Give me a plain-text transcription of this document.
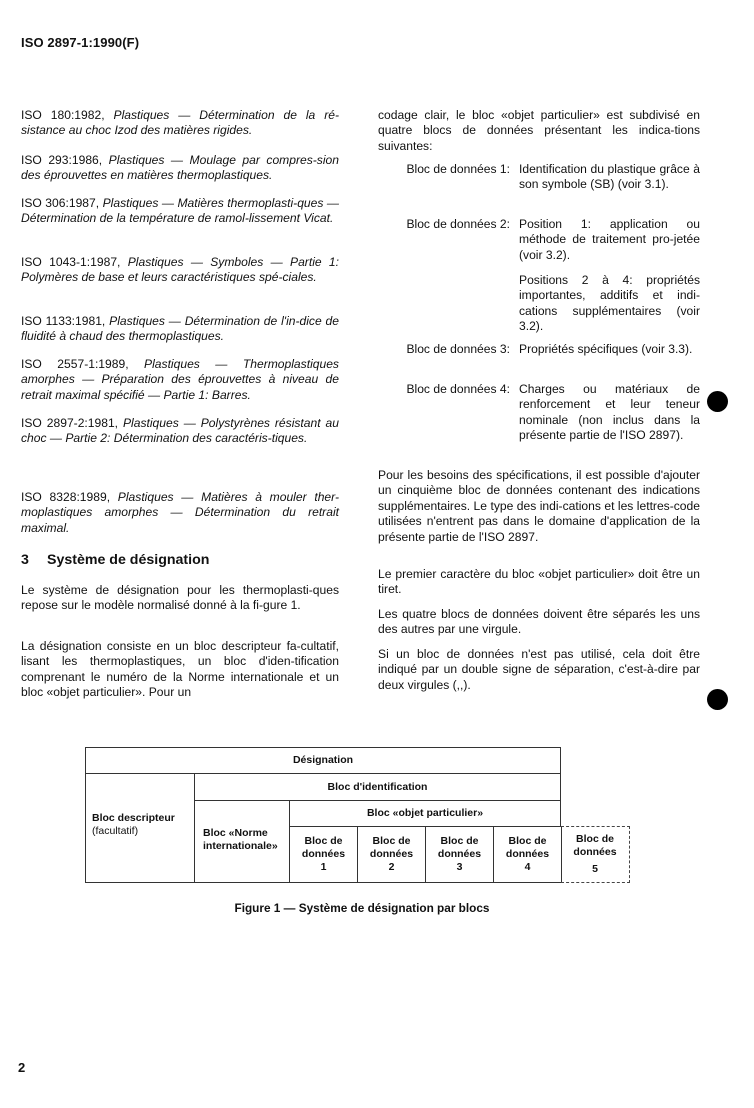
ISO 2897-1:1990(F)
ISO 180:1982, Plastiques — Détermination de la ré-sistance au choc Izod des matières rigides.
ISO 293:1986, Plastiques — Moulage par compres-sion des éprouvettes en matières thermoplastiques.
ISO 306:1987, Plastiques — Matières thermoplasti-ques — Détermination de la température de ramol-lissement Vicat.
ISO 1043-1:1987, Plastiques — Symboles — Partie 1: Polymères de base et leurs caractéristiques spé-ciales.
ISO 1133:1981, Plastiques — Détermination de l'in-dice de fluidité à chaud des thermoplastiques.
ISO 2557-1:1989, Plastiques — Thermoplastiques amorphes — Préparation des éprouvettes à niveau de retrait maximal spécifié — Partie 1: Barres.
ISO 2897-2:1981, Plastiques — Polystyrènes résistant au choc — Partie 2: Détermination des caractéris-tiques.
ISO 8328:1989, Plastiques — Matières à mouler ther-moplastiques amorphes — Détermination du retrait maximal.
3 Système de désignation
Le système de désignation pour les thermoplasti-ques repose sur le modèle normalisé donné à la fi-gure 1.
La désignation consiste en un bloc descripteur fa-cultatif, lisant les thermoplastiques, un bloc d'iden-tification comprenant le numéro de la Norme internationale et un bloc «objet particulier». Pour un
codage clair, le bloc «objet particulier» est subdivisé en quatre blocs de données présentant les indica-tions suivantes:
Bloc de données 1: Identification du plastique grâce à son symbole (SB) (voir 3.1).
Bloc de données 2: Position 1: application ou méthode de traitement pro-jetée (voir 3.2).
Positions 2 à 4: propriétés importantes, additifs et indi-cations supplémentaires (voir 3.2).
Bloc de données 3: Propriétés spécifiques (voir 3.3).
Bloc de données 4: Charges ou matériaux de renforcement et leur teneur nominale (non inclus dans la présente partie de l'ISO 2897).
Pour les besoins des spécifications, il est possible d'ajouter un cinquième bloc de données contenant des indications supplémentaires. Le type des indi-cations et les lettres-code utilisées n'entrent pas dans le domaine d'application de la présente partie de l'ISO 2897.
Le premier caractère du bloc «objet particulier» doit être un tiret.
Les quatre blocs de données doivent être séparés les uns des autres par une virgule.
Si un bloc de données n'est pas utilisé, cela doit être indiqué par un double signe de séparation, c'est-à-dire par deux virgules (,,).
Désignation
Bloc descripteur
(facultatif)
Bloc d'identification
Bloc «Norme internationale»
Bloc «objet particulier»
Bloc de données
1
Bloc de données
2
Bloc de données
3
Bloc de données
4
Bloc de données
5
Figure 1 — Système de désignation par blocs
2
